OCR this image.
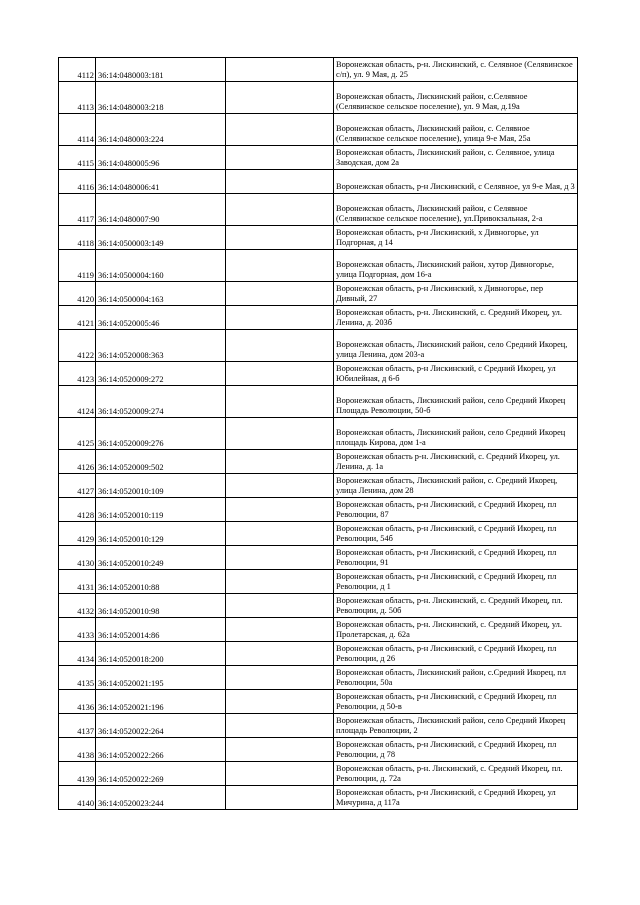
4112	36:14:0480003:181		Воронежская область, р-н. Лискинский, с. Селявное (Селявинское с/п), ул. 9 Мая, д. 25
4113	36:14:0480003:218		Воронежская область, Лискинский район, с.Селявное (Селявинское сельское поселение), ул. 9 Мая, д.19а
4114	36:14:0480003:224		Воронежская область, Лискинский район, с. Селявное (Селявинское сельское поселение), улица 9-е Мая, 25а
4115	36:14:0480005:96		Воронежская область, Лискинский район, с. Селявное, улица Заводская, дом 2а
4116	36:14:0480006:41		Воронежская область, р-н Лискинский, с Селявное, ул 9-е Мая, д 3
4117	36:14:0480007:90		Воронежская область, Лискинский район, с Селявное (Селявинское сельское поселение), ул.Привокзальная, 2-а
4118	36:14:0500003:149		Воронежская область, р-н Лискинский, х Дивногорье, ул Подгорная, д 14
4119	36:14:0500004:160		Воронежская область, Лискинский район, хутор Дивногорье, улица Подгорная, дом 16-а
4120	36:14:0500004:163		Воронежская область, р-н Лискинский, х Дивногорье, пер Дивный, 27
4121	36:14:0520005:46		Воронежская область, р-н. Лискинский, с. Средний Икорец, ул. Ленина, д. 203б
4122	36:14:0520008:363		Воронежская область, Лискинский район, село Средний Икорец, улица Ленина, дом 203-а
4123	36:14:0520009:272		Воронежская область, р-н Лискинский, с Средний Икорец, ул Юбилейная, д 6-б
4124	36:14:0520009:274		Воронежская область, Лискинский район, село Средний Икорец Площадь Революции, 50-б
4125	36:14:0520009:276		Воронежская область, Лискинский район, село Средний Икорец площадь Кирова, дом 1-а
4126	36:14:0520009:502		Воронежская область р-н. Лискинский, с. Средний Икорец, ул. Ленина, д. 1а
4127	36:14:0520010:109		Воронежская область, Лискинский район, с. Средний Икорец, улица Ленина, дом 28
4128	36:14:0520010:119		Воронежская область, р-н Лискинский, с Средний Икорец, пл Революции, 87
4129	36:14:0520010:129		Воронежская область, р-н Лискинский, с Средний Икорец, пл Революции, 54б
4130	36:14:0520010:249		Воронежская область, р-н Лискинский, с Средний Икорец, пл Революции, 91
4131	36:14:0520010:88		Воронежская область, р-н Лискинский, с Средний Икорец, пл Революции, д 1
4132	36:14:0520010:98		Воронежская область, р-н. Лискинский, с. Средний Икорец, пл. Революции, д. 50б
4133	36:14:0520014:86		Воронежская область, р-н. Лискинский, с. Средний Икорец, ул. Пролетарская, д. 62а
4134	36:14:0520018:200		Воронежская область, р-н Лискинский, с Средний Икорец, пл Революции, д 26
4135	36:14:0520021:195		Воронежская область, Лискинский район, с.Средний Икорец, пл Революции, 50а
4136	36:14:0520021:196		Воронежская область, р-н Лискинский, с Средний Икорец, пл Революции, д 50-в
4137	36:14:0520022:264		Воронежская область, Лискинский район, село Средний Икорец площадь Революции, 2
4138	36:14:0520022:266		Воронежская область, р-н Лискинский, с Средний Икорец, пл Революции, д 78
4139	36:14:0520022:269		Воронежская область, р-н. Лискинский, с. Средний Икорец, пл. Революции, д. 72а
4140	36:14:0520023:244		Воронежская область, р-н Лискинский, с Средний Икорец, ул Мичурина, д 117а
